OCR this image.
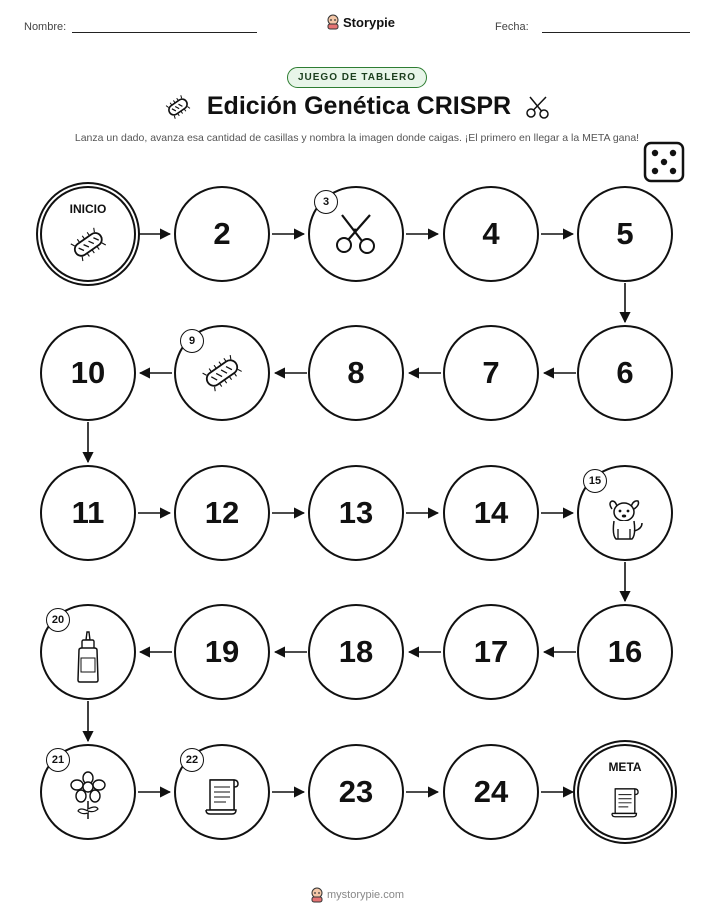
Nombre:	Storypie	Fecha:
JUEGO DE TABLERO
Edición Genética CRISPR
Lanza un dado, avanza esa cantidad de casillas y nombra la imagen donde caigas. ¡El primero en llegar a la META gana!
INICIO
2
3
4	5
10
9
8	7	6
11	12	13	14
15
20
19	18	17	16
21	22
23	24
META
mystorypie.com
